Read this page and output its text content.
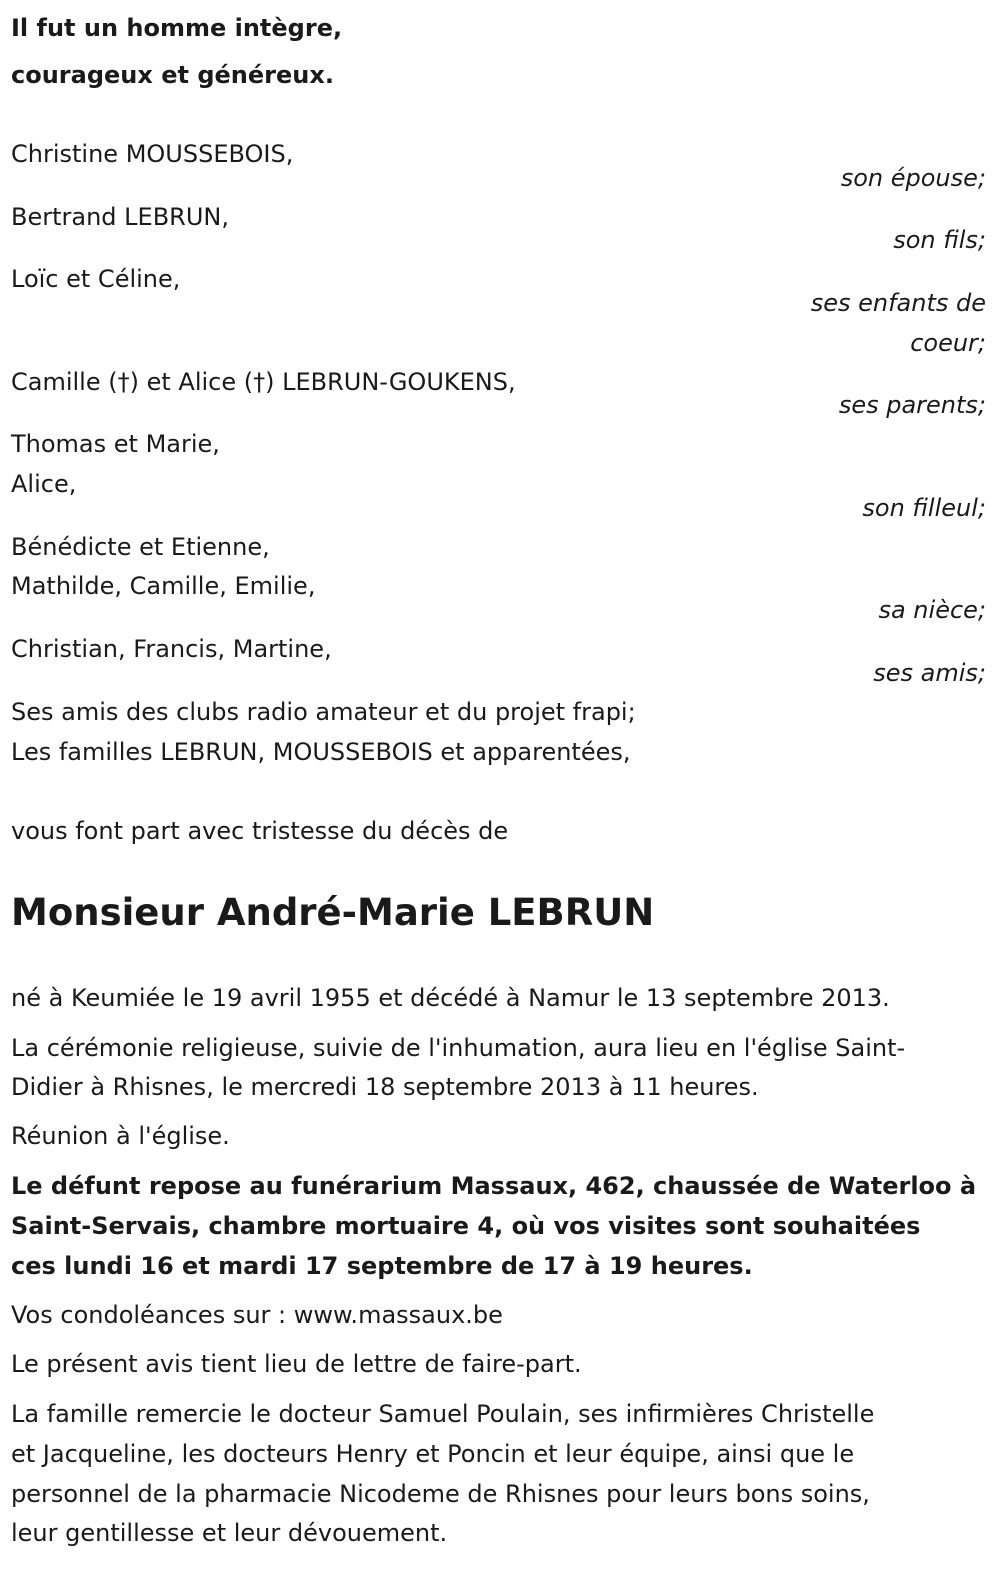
Il fut un homme intègre,
courageux et généreux.
Christine MOUSSEBOIS,
son épouse;
Bertrand LEBRUN,
son fils;
Loïc et Céline,
ses enfants de
coeur;
Camille (†) et Alice (†) LEBRUN-GOUKENS,
ses parents;
Thomas et Marie,
Alice,
son filleul;
Bénédicte et Etienne,
Mathilde, Camille, Emilie,
sa nièce;
Christian, Francis, Martine,
ses amis;
Ses amis des clubs radio amateur et du projet frapi;
Les familles LEBRUN, MOUSSEBOIS et apparentées,
vous font part avec tristesse du décès de
Monsieur André-Marie LEBRUN
né à Keumiée le 19 avril 1955 et décédé à Namur le 13 septembre 2013.
La cérémonie religieuse, suivie de l'inhumation, aura lieu en l'église Saint-
Didier à Rhisnes, le mercredi 18 septembre 2013 à 11 heures.
Réunion à l'église.
Le défunt repose au funérarium Massaux, 462, chaussée de Waterloo à
Saint-Servais, chambre mortuaire 4, où vos visites sont souhaitées
ces lundi 16 et mardi 17 septembre de 17 à 19 heures.
Vos condoléances sur : www.massaux.be
Le présent avis tient lieu de lettre de faire-part.
La famille remercie le docteur Samuel Poulain, ses infirmières Christelle
et Jacqueline, les docteurs Henry et Poncin et leur équipe, ainsi que le
personnel de la pharmacie Nicodeme de Rhisnes pour leurs bons soins,
leur gentillesse et leur dévouement.
